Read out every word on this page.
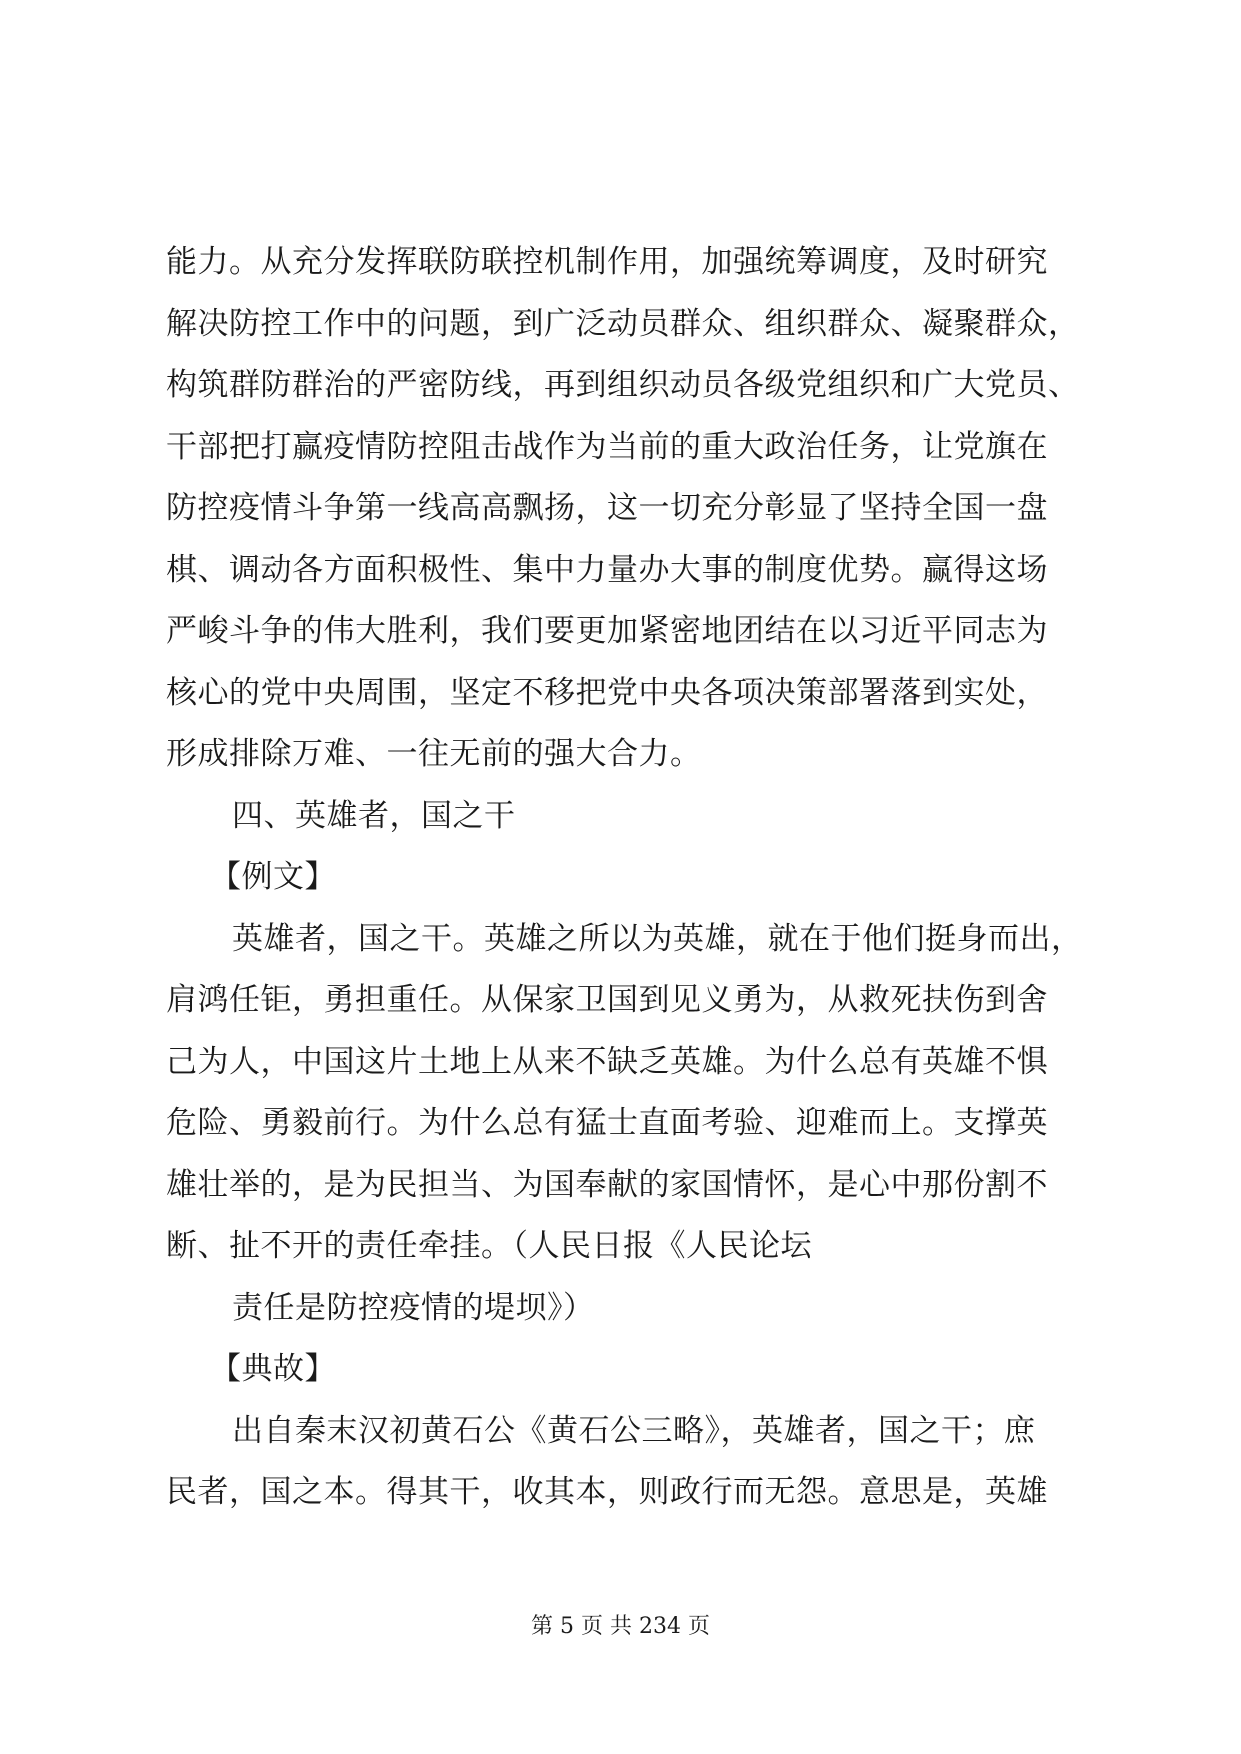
能力。从充分发挥联防联控机制作用，加强统筹调度，及时研究
解决防控工作中的问题，到广泛动员群众、组织群众、凝聚群众，
构筑群防群治的严密防线，再到组织动员各级党组织和广大党员、
干部把打赢疫情防控阻击战作为当前的重大政治任务，让党旗在
防控疫情斗争第一线高高飘扬，这一切充分彰显了坚持全国一盘
棋、调动各方面积极性、集中力量办大事的制度优势。赢得这场
严峻斗争的伟大胜利，我们要更加紧密地团结在以习近平同志为
核心的党中央周围，坚定不移把党中央各项决策部署落到实处，
形成排除万难、一往无前的强大合力。
四、英雄者，国之干
【例文】
英雄者，国之干。英雄之所以为英雄，就在于他们挺身而出，
肩鸿任钜，勇担重任。从保家卫国到见义勇为，从救死扶伤到舍
己为人，中国这片土地上从来不缺乏英雄。为什么总有英雄不惧
危险、勇毅前行。为什么总有猛士直面考验、迎难而上。支撑英
雄壮举的，是为民担当、为国奉献的家国情怀，是心中那份割不
断、扯不开的责任牵挂。（人民日报《人民论坛
责任是防控疫情的堤坝》）
【典故】
出自秦末汉初黄石公《黄石公三略》，英雄者，国之干；庶
民者，国之本。得其干，收其本，则政行而无怨。意思是，英雄
第 5 页 共 234 页
